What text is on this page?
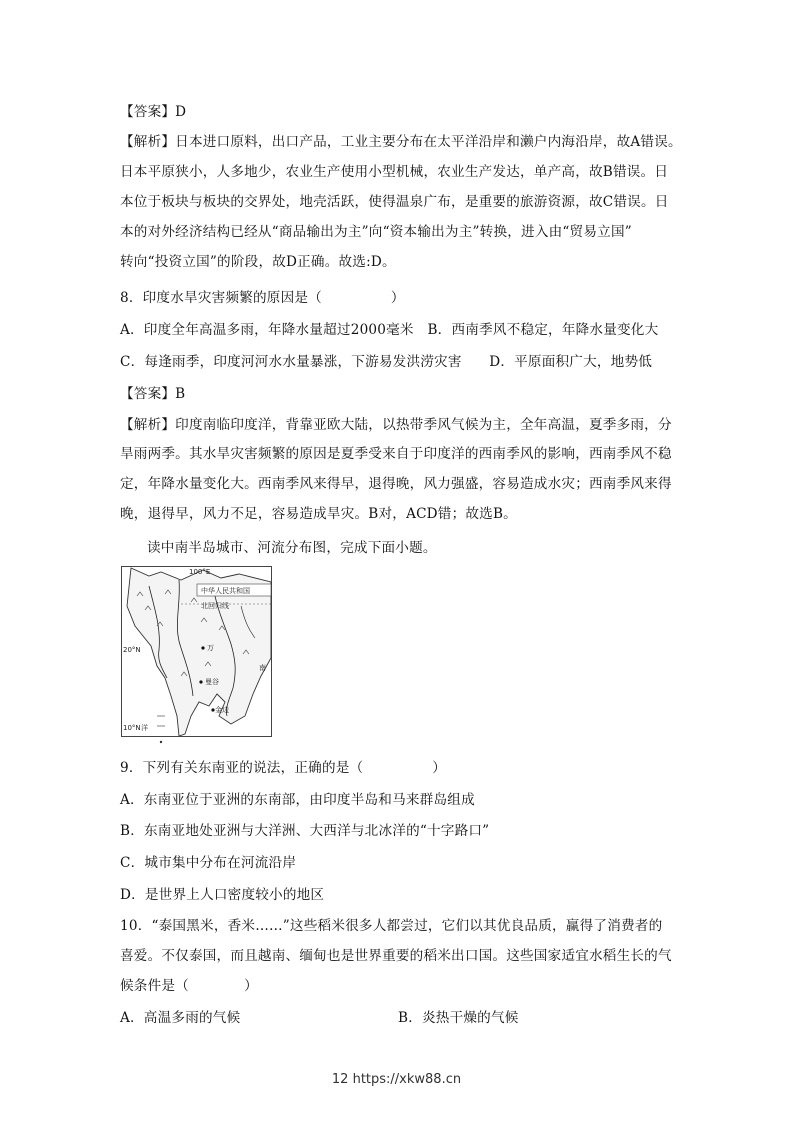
【答案】D
【解析】日本进口原料，出口产品，工业主要分布在太平洋沿岸和濑户内海沿岸，故A错误。
日本平原狭小，人多地少，农业生产使用小型机械，农业生产发达，单产高，故B错误。日
本位于板块与板块的交界处，地壳活跃，使得温泉广布，是重要的旅游资源，故C错误。日
本的对外经济结构已经从“商品输出为主”向“资本输出为主”转换，进入由“贸易立国”
转向“投资立国”的阶段，故D正确。故选:D。
8．印度水旱灾害频繁的原因是（　　　　　）
A．印度全年高温多雨，年降水量超过2000毫米　B．西南季风不稳定，年降水量变化大
C．每逢雨季，印度河河水水量暴涨，下游易发洪涝灾害　　D．平原面积广大，地势低
【答案】B
【解析】印度南临印度洋，背靠亚欧大陆，以热带季风气候为主，全年高温，夏季多雨，分
旱雨两季。其水旱灾害频繁的原因是夏季受来自于印度洋的西南季风的影响，西南季风不稳
定，年降水量变化大。西南季风来得早，退得晚，风力强盛，容易造成水灾；西南季风来得
晚，退得早，风力不足，容易造成旱灾。B对，ACD错；故选B。
读中南半岛城市、河流分布图，完成下面小题。
中华人民共和国
北回归线
100°E
20°N	万
曼谷
金边
南
10°N 洋
9．下列有关东南亚的说法，正确的是（　　　　　）
A．东南亚位于亚洲的东南部，由印度半岛和马来群岛组成
B．东南亚地处亚洲与大洋洲、大西洋与北冰洋的“十字路口”
C．城市集中分布在河流沿岸
D．是世界上人口密度较小的地区
10．“泰国黑米，香米……”这些稻米很多人都尝过，它们以其优良品质，赢得了消费者的
喜爱。不仅泰国，而且越南、缅甸也是世界重要的稻米出口国。这些国家适宜水稻生长的气
候条件是（　　　　）
A．高温多雨的气候	B．炎热干燥的气候
12 https://xkw88.cn
